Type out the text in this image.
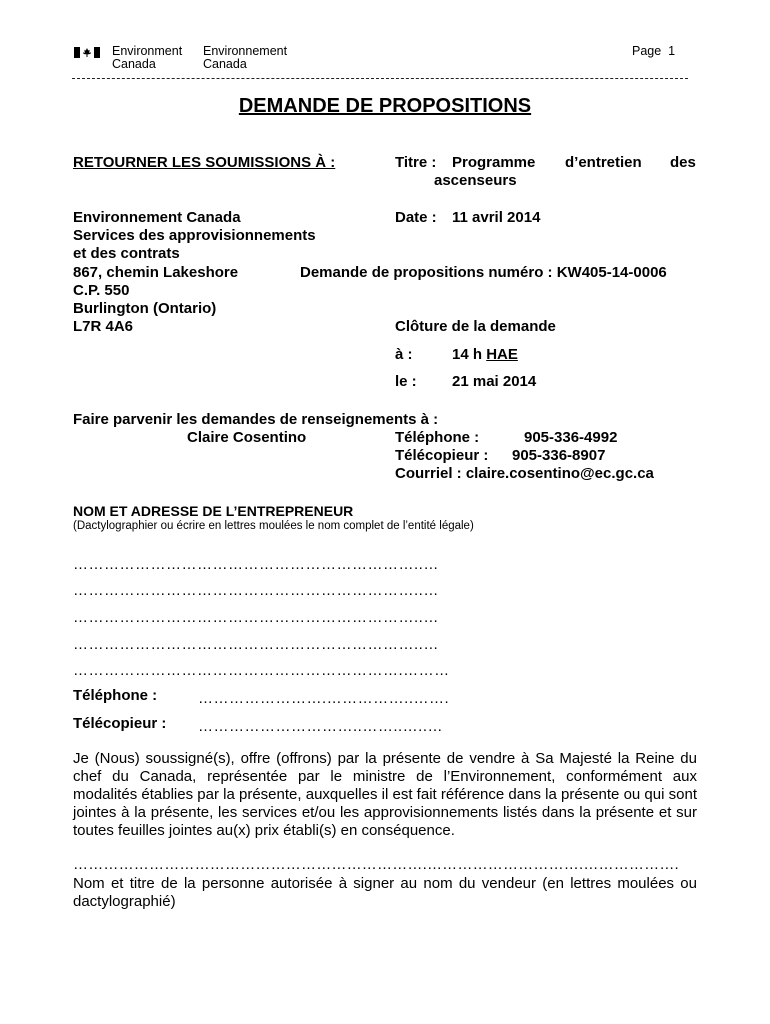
Environment
Canada
Environnement
Canada
Page 1
DEMANDE DE PROPOSITIONS
RETOURNER LES SOUMISSIONS À :
Environnement Canada
Services des approvisionnements
et des contrats
867, chemin Lakeshore
C.P. 550
Burlington (Ontario)
L7R 4A6
Titre : Programme d’entretien des
ascenseurs
Date : 11 avril 2014
Demande de propositions numéro : KW405-14-0006
Clôture de la demande
à :	14 h HAE
le : 21 mai 2014
Faire parvenir les demandes de renseignements à :
Claire Cosentino	Téléphone :	905-336-4992
Télécopieur : 905-336-8907
Courriel : claire.cosentino@ec.gc.ca
NOM ET ADRESSE DE L’ENTREPRENEUR
(Dactylographier ou écrire en lettres moulées le nom complet de l’entité légale)
…………………………………………………………..…
…………………………………………………………..…
…………………………………………………………..…
…………………………………………………………..…
……………………………………………………….………
Téléphone :	…………………….……………..…….
Télécopieur : …………………………..……..…..…
Je (Nous) soussigné(s), offre (offrons) par la présente de vendre à Sa Majesté la Reine du chef du Canada, représentée par le ministre de l’Environnement, conformément aux modalités établies par la présente, auxquelles il est fait référence dans la présente ou qui sont jointes à la présente, les services et/ou les approvisionnements listés dans la présente et sur toutes feuilles jointes au(x) prix établi(s) en conséquence.
…………………………………………………………….………………………….……………….
Nom et titre de la personne autorisée à signer au nom du vendeur (en lettres moulées ou dactylographié)
